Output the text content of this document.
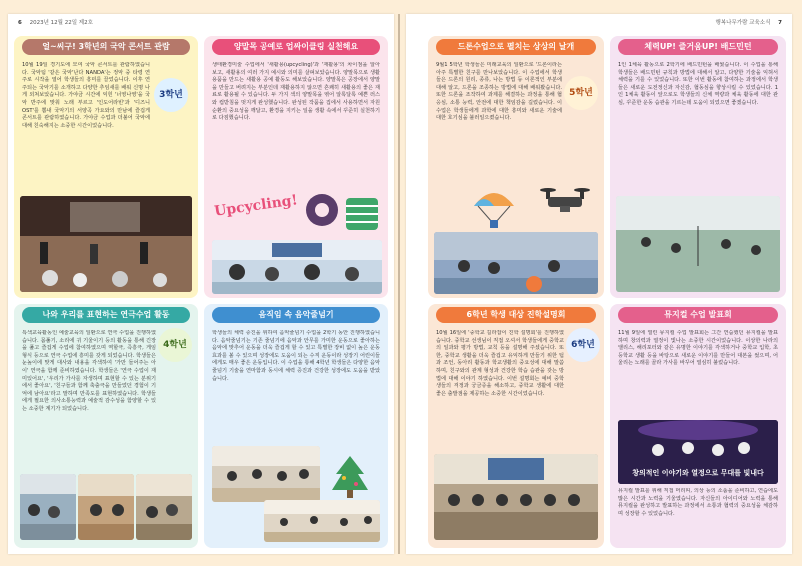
6 2023년 12월 22일 제2호
얼~씨구! 3학년의 국악 콘서트 관람
3학년
10월 19일 경기도에 모여 국악 콘서트를 관람하였습니다. 국악팀 '같은 국악'난다 NANDA'는 정악 중 타령 연주로 시작을 열어 학생들의 흥미를 끌었습니다. 이후 연주되는 국악기를 소개하고 다양한 추임새를 배워 신명 나게 외쳐보았습니다. 가야금 시간에 익힌 '너영나영'을 국악 반주에 맞춰 노래 부르고 '인도어라빈'과 '디즈니 OST'를 뽐내 국악기의 서양곡 가요와의 만남에 즐겁게 콘서트를 관람하였습니다. 가야금 수업과 더불어 국악에 대해 친숙해지는 소중한 시간이었습니다.
양말목 공예로 업싸이클링 실천해요
생태환경미술 수업에서 '새활용(upcycling)'과 '재활용'의 차이점을 알아보고, 새활용의 여러 가지 예시와 의미를 살펴보았습니다. 양말목으로 생활용품을 만드는 새활용 공예 활동도 해보았습니다. 양말목은 공장에서 양말을 만들고 버려지는 부분인데 재활용하지 않으면 흔쾌히 새활용의 좋은 재료로 활용될 수 있습니다. 두 가지 색의 양말목을 엮어 알록달록 예쁜 러스와 컵받침을 멋지게 완성했습니다. 완성된 작품을 집에서 사용하면서 자원 순환의 중요성을 깨달고, 환경을 지키는 일을 생활 속에서 꾸준히 실천하기로 다짐했습니다.
Upcycling!
나와 우리를 표현하는 연극수업 활동
4학년
특색교육활동인 예술교육의 일환으로 연극 수업을 진행하였습니다. 몸풀기, 소리에 귀 기울이기 등의 활동을 통해 긴장을 풀고 즐겁게 수업에 참여하였으며 역할극, 즉흥극, 게임 형식 등으로 연극 수업에 흥미를 갖게 되었습니다. 학생들은 눈높이에 맞게 대사와 내용을 각색하여 '가만 들어주는 아이' 연극을 함께 준비하였습니다. 학생들은 '연극 수업이 재미있어요', '우리가 가사를 자생하며 표현할 수 있는 분위기에서 좋아요', '친구들과 함께 축출극을 만들었던 경험이 기억에 남아요'라고 말하며 만족도를 표현하였습니다. 학생들에게 필요한 의사소통능력과 예술적 감수성을 함양할 수 있는 소중한 계기가 되었습니다.
음직임 속 음악줄넘기
학생들의 체력 증진을 위하여 음악줄넘기 수업을 2학기 동안 진행하였습니다. 음악줄넘기는 기존 줄넘기에 음악과 안무를 가미한 운동으로 좋아하는 음악에 맞추어 운동을 더욱 즐겁게 할 수 있고 특별한 장비 없이 높은 운동 효과를 볼 수 있으며 성장에도 도움이 되는 수직 운동이라 성장기 어린이들에게도 매우 좋은 운동입니다. 이 수업을 통해 4학년 학생들은 다양한 음악줄넘기 기술을 연마함과 동시에 체력 증진과 건강한 성장에도 도움을 받았습니다.
행복나무가람 교육소식 7
드론수업으로 펼치는 상상의 날개
5학년
9월1 5학년 학생들은 미래교육의 일환으로 '드론이라는 아주 특별한 친구를 만나보았습니다. 이 수업에서 학생들은 드론의 원리, 종류, 나는 방법 등 이론적인 부분에 대해 알고, 드론을 조종하는 방법에 대해 배워봤습니다. 또한 드론을 조작하여 과제를 해결하는 과정을 통해 협응심, 소통 능력, 안전에 대한 책임감을 길렀습니다. 이 수업은 학생들에게 과학에 대한 흥미와 새로운 기술에 대한 호기심을 불러일으켰습니다.
체력UP! 즐거움UP! 배드민턴
1인 1체육 활동으로 2학기에 배드민턴을 배웠습니다. 이 수업을 통해 학생들은 배드민턴 규칙과 방법에 대해서 알고, 다양한 기술을 익혀서 체력을 기를 수 있었습니다. 또한 이번 활동에 참여하는 과정에서 학생들은 새로운 도전정신과 자신감, 협동심을 향상시킬 수 있었습니다. 1인 1체육 활동이 앞으로도 학생들의 신체 역량과 체육 활동에 대한 관심, 꾸준한 운동 습관을 기르는데 도움이 되었으면 좋겠습니다.
6학년 학생 대상 진학설명회
6학년
10월 16일에 '중학교 길라잡이 진학 설명회'를 진행하였습니다. 중학교 선생님이 직접 오셔서 학생들에게 중학교의 일과와 평가 방법, 교칙 등을 설명해 주셨습니다. 또한, 중학교 생활을 더욱 즐겁고 유익하게 만들기 위한 팁과 조언, 동아리 활동과 학교생활의 중요성에 대해 말씀하며, 친구와의 관계 형성과 건강한 학습 습관을 갖는 방법에 대해 이야기 하였습니다. 이번 설명회는 예비 중학생들의 걱정과 궁금증을 해소하고, 중학교 생활에 대한 좋은 출발점을 제공하는 소중한 시간이었습니다.
뮤지컬 수업 발표회
11월 9일에 열린 뮤지컬 수업 발표회는 그간 연습했던 뮤지컬을 발표하며 창의력과 열정이 빛나는 소중한 시간이었습니다. 이상한 나라의 앨리스, 해리포터와 같은 유명한 이야기를 각색하거나 중학교 입학, 초등학교 생활 등을 바탕으로 새로운 이야기를 만들어 대본을 썼으며, 어울리는 노래를 골라 가사를 바꾸어 열심히 불렀습니다.
창의적인 이야기와 열정으로 무대를 빛내다
뮤지컬 발표를 위해 직접 머리띠, 의상 등의 소품을 준비하고, 연습에도 많은 시간과 노력을 기울였습니다. 자신들의 아이디어와 노력을 통해 뮤지컬을 완성하고 발표하는 과정에서 소통과 협력의 중요성을 체감하며 성장할 수 있었습니다.
